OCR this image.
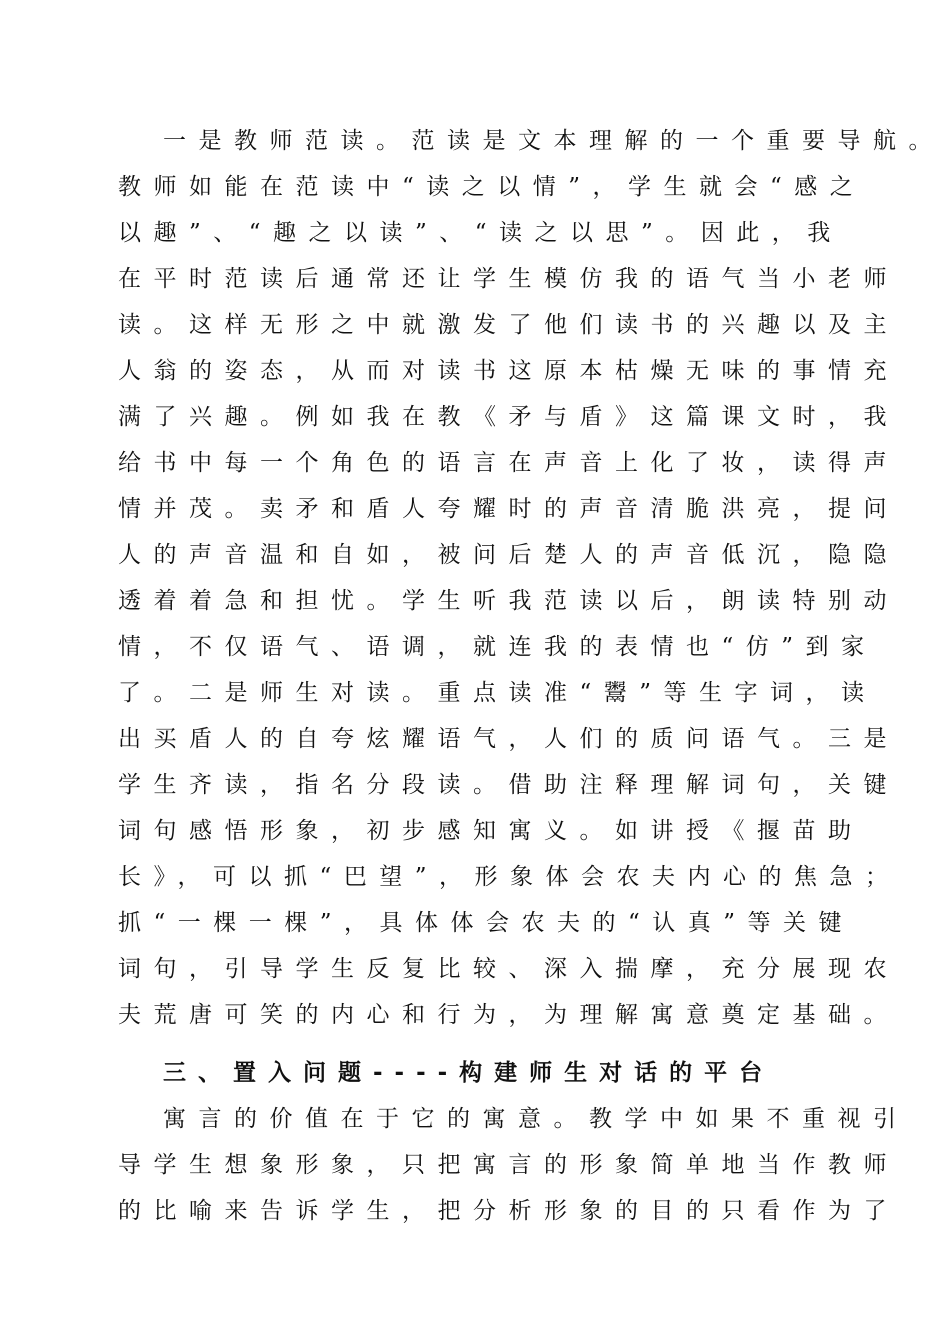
一是教师范读。范读是文本理解的一个重要导航。
教师如能在范读中“读之以情”，学生就会“感之
以趣”、“趣之以读”、“读之以思”。因此，我
在平时范读后通常还让学生模仿我的语气当小老师
读。这样无形之中就激发了他们读书的兴趣以及主
人翁的姿态，从而对读书这原本枯燥无味的事情充
满了兴趣。例如我在教《矛与盾》这篇课文时，我
给书中每一个角色的语言在声音上化了妆，读得声
情并茂。卖矛和盾人夸耀时的声音清脆洪亮，提问
人的声音温和自如，被问后楚人的声音低沉，隐隐
透着着急和担忧。学生听我范读以后，朗读特别动
情，不仅语气、语调，就连我的表情也“仿”到家
了。二是师生对读。重点读准“鬻”等生字词，读
出买盾人的自夸炫耀语气，人们的质问语气。三是
学生齐读，指名分段读。借助注释理解词句，关键
词句感悟形象，初步感知寓义。如讲授《揠苗助
长》，可以抓“巴望”，形象体会农夫内心的焦急；
抓“一棵一棵”，具体体会农夫的“认真”等关键
词句，引导学生反复比较、深入揣摩，充分展现农
夫荒唐可笑的内心和行为，为理解寓意奠定基础。
三、置入问题----构建师生对话的平台
寓言的价值在于它的寓意。教学中如果不重视引
导学生想象形象，只把寓言的形象简单地当作教师
的比喻来告诉学生，把分析形象的目的只看作为了
